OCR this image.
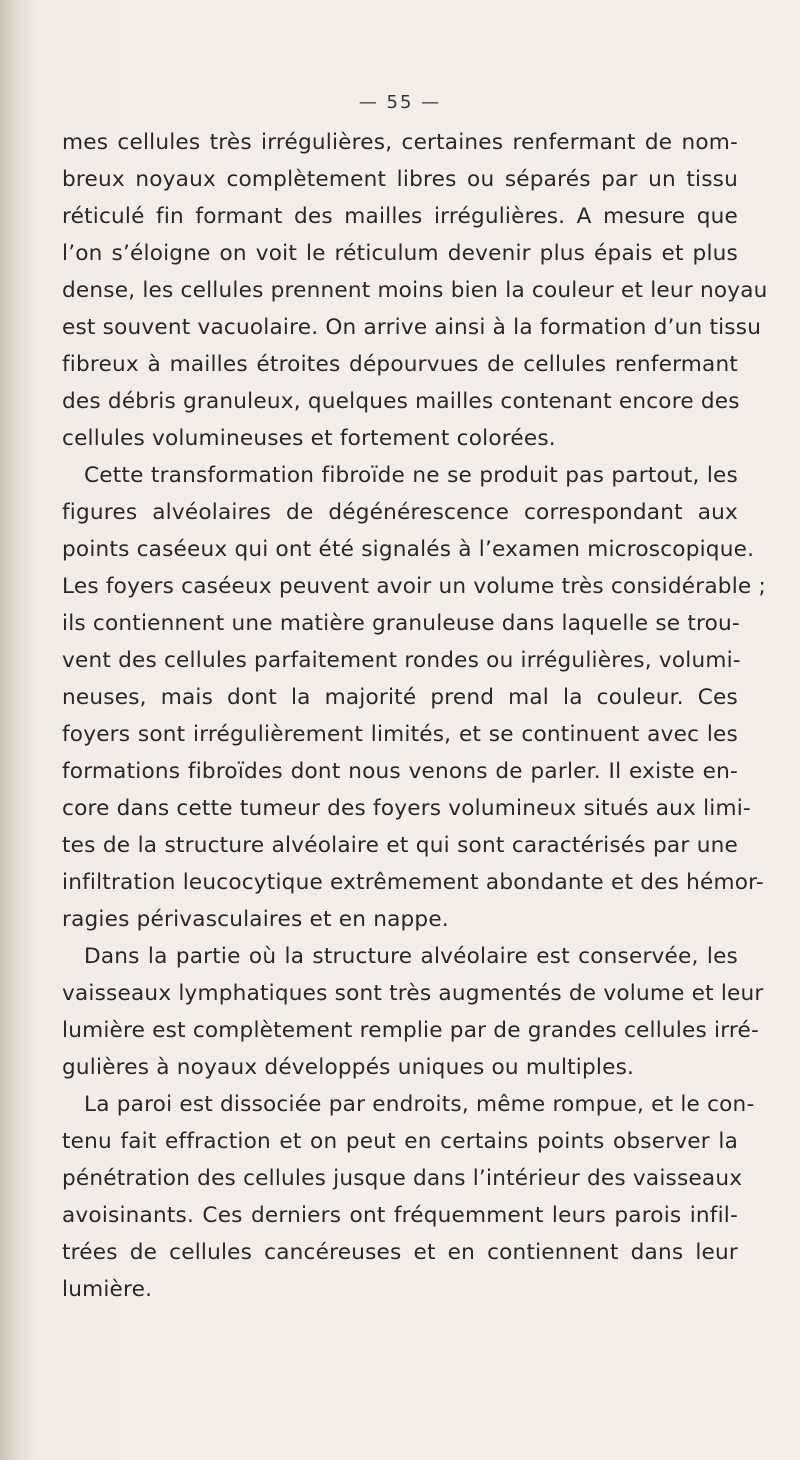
— 55 —
mes cellules très irrégulières, certaines renfermant de nom-
breux noyaux complètement libres ou séparés par un tissu
réticulé fin formant des mailles irrégulières. A mesure que
l’on s’éloigne on voit le réticulum devenir plus épais et plus
dense, les cellules prennent moins bien la couleur et leur noyau
est souvent vacuolaire. On arrive ainsi à la formation d’un tissu
fibreux à mailles étroites dépourvues de cellules renfermant
des débris granuleux, quelques mailles contenant encore des
cellules volumineuses et fortement colorées.
Cette transformation fibroïde ne se produit pas partout, les
figures alvéolaires de dégénérescence correspondant aux
points caséeux qui ont été signalés à l’examen microscopique.
Les foyers caséeux peuvent avoir un volume très considérable ;
ils contiennent une matière granuleuse dans laquelle se trou-
vent des cellules parfaitement rondes ou irrégulières, volumi-
neuses, mais dont la majorité prend mal la couleur. Ces
foyers sont irrégulièrement limités, et se continuent avec les
formations fibroïdes dont nous venons de parler. Il existe en-
core dans cette tumeur des foyers volumineux situés aux limi-
tes de la structure alvéolaire et qui sont caractérisés par une
infiltration leucocytique extrêmement abondante et des hémor-
ragies périvasculaires et en nappe.
Dans la partie où la structure alvéolaire est conservée, les
vaisseaux lymphatiques sont très augmentés de volume et leur
lumière est complètement remplie par de grandes cellules irré-
gulières à noyaux développés uniques ou multiples.
La paroi est dissociée par endroits, même rompue, et le con-
tenu fait effraction et on peut en certains points observer la
pénétration des cellules jusque dans l’intérieur des vaisseaux
avoisinants. Ces derniers ont fréquemment leurs parois infil-
trées de cellules cancéreuses et en contiennent dans leur
lumière.
